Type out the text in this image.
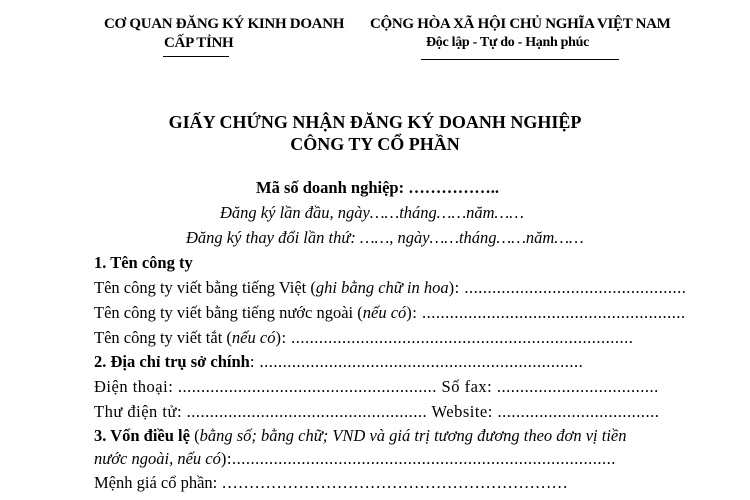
CƠ QUAN ĐĂNG KÝ KINH DOANH
CẤP TỈNH
CỘNG HÒA XÃ HỘI CHỦ NGHĨA VIỆT NAM
Độc lập - Tự do - Hạnh phúc
GIẤY CHỨNG NHẬN ĐĂNG KÝ DOANH NGHIỆP
CÔNG TY CỔ PHẦN
Mã số doanh nghiệp: ……………..
Đăng ký lần đầu, ngày……tháng……năm……
Đăng ký thay đổi lần thứ: ……, ngày……tháng……năm……
1. Tên công ty
Tên công ty viết bằng tiếng Việt (ghi bằng chữ in hoa): ................................................
Tên công ty viết bằng tiếng nước ngoài (nếu có): .........................................................
Tên công ty viết tắt (nếu có): ..........................................................................
2. Địa chỉ trụ sở chính: ......................................................................
Điện thoại: ........................................................ Số fax: ...................................
Thư điện tử: .................................................... Website: ...................................
3. Vốn điều lệ (bằng số; bằng chữ; VND và giá trị tương đương theo đơn vị tiền
nước ngoài, nếu có):...................................................................................
Mệnh giá cổ phần: ………………………………………………………
